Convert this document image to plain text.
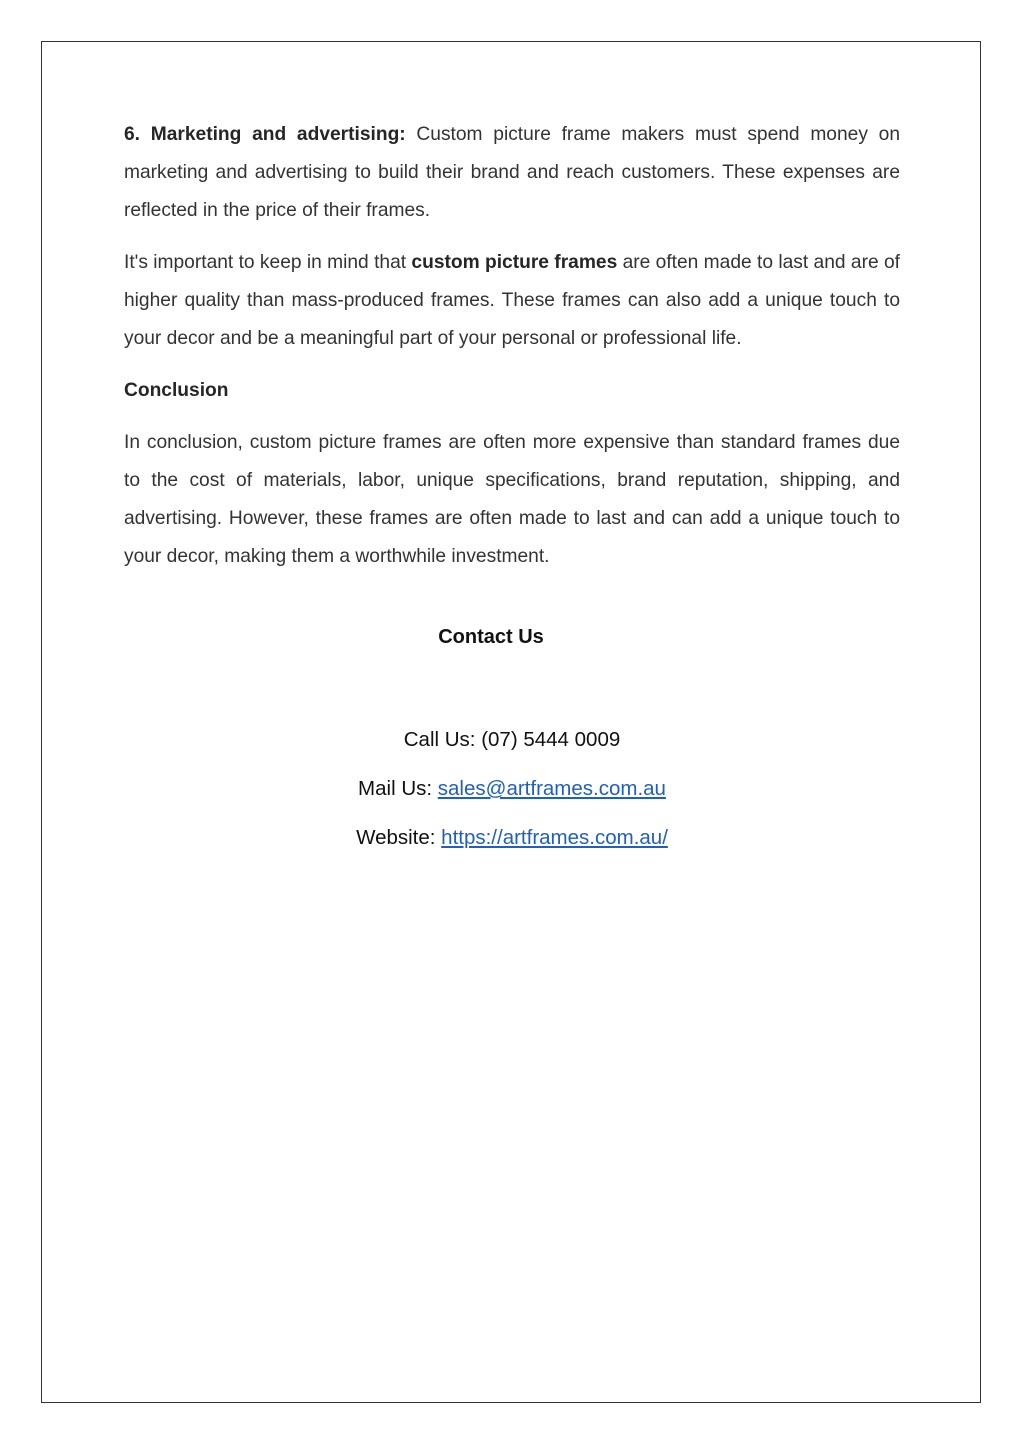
6. Marketing and advertising: Custom picture frame makers must spend money on marketing and advertising to build their brand and reach customers. These expenses are reflected in the price of their frames.

It's important to keep in mind that custom picture frames are often made to last and are of higher quality than mass-produced frames. These frames can also add a unique touch to your decor and be a meaningful part of your personal or professional life.

Conclusion

In conclusion, custom picture frames are often more expensive than standard frames due to the cost of materials, labor, unique specifications, brand reputation, shipping, and advertising. However, these frames are often made to last and can add a unique touch to your decor, making them a worthwhile investment.

Contact Us
Call Us: (07) 5444 0009
Mail Us: sales@artframes.com.au
Website: https://artframes.com.au/
